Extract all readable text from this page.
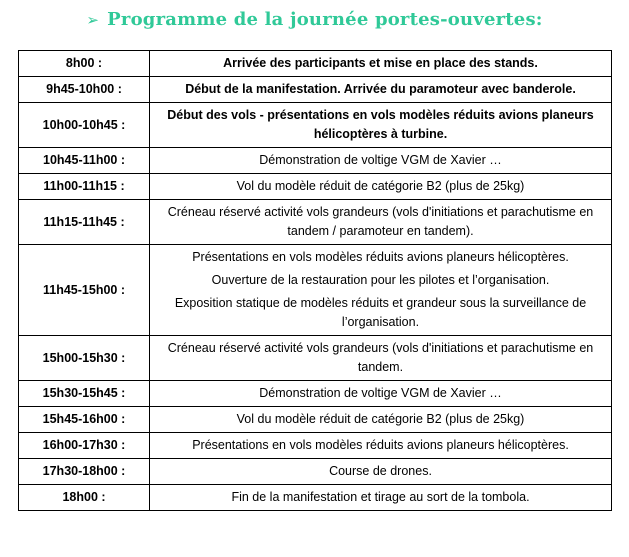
➢ Programme de la journée portes-ouvertes:
8h00 :	Arrivée des participants et mise en place des stands.

9h45-10h00 :	Début de la manifestation. Arrivée du paramoteur avec banderole.

10h00-10h45 :	Début des vols - présentations en vols modèles réduits avions planeurs hélicoptères à turbine.

10h45-11h00 :	Démonstration de voltige VGM de Xavier …

11h00-11h15 :	Vol du modèle réduit de catégorie B2 (plus de 25kg)

11h15-11h45 :	Créneau réservé activité vols grandeurs (vols d'initiations et parachutisme en tandem / paramoteur en tandem).

11h45-15h00 :	Présentations en vols modèles réduits avions planeurs hélicoptères.

Ouverture de la restauration pour les pilotes et l’organisation.

Exposition statique de modèles réduits et grandeur sous la surveillance de l’organisation.

15h00-15h30 :	Créneau réservé activité vols grandeurs (vols d'initiations et parachutisme en tandem.

15h30-15h45 :	Démonstration de voltige VGM de Xavier …

15h45-16h00 :	Vol du modèle réduit de catégorie B2 (plus de 25kg)

16h00-17h30 :	Présentations en vols modèles réduits avions planeurs hélicoptères.

17h30-18h00 :	Course de drones.

18h00 :	Fin de la manifestation et tirage au sort de la tombola.
